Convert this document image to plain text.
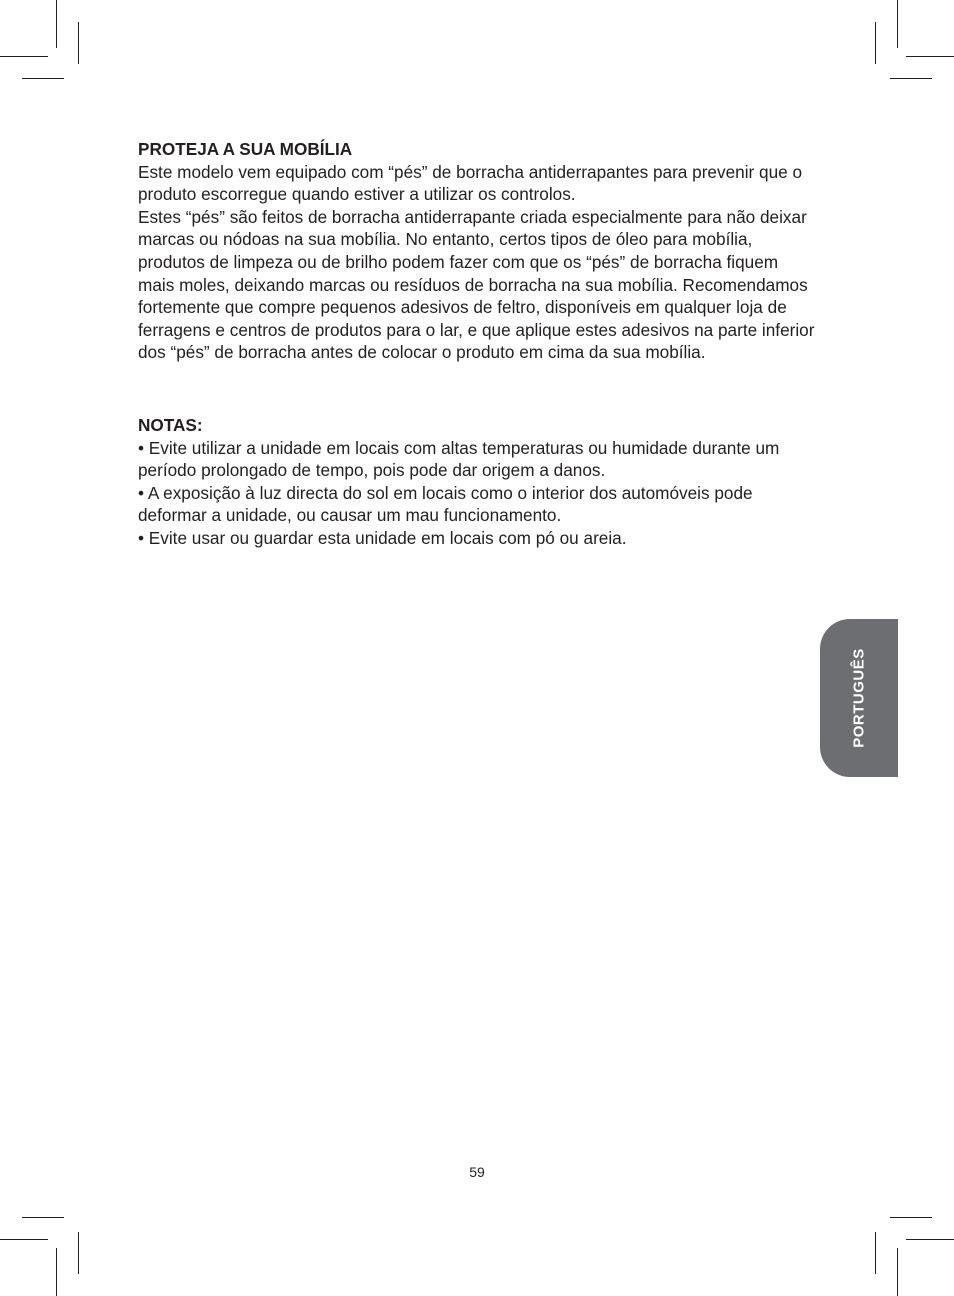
PROTEJA A SUA MOBÍLIA

Este modelo vem equipado com “pés” de borracha antiderrapantes para prevenir que o produto escorregue quando estiver a utilizar os controlos.

Estes “pés” são feitos de borracha antiderrapante criada especialmente para não deixar marcas ou nódoas na sua mobília. No entanto, certos tipos de óleo para mobília, produtos de limpeza ou de brilho podem fazer com que os “pés” de borracha fiquem mais moles, deixando marcas ou resíduos de borracha na sua mobília. Recomendamos fortemente que compre pequenos adesivos de feltro, disponíveis em qualquer loja de ferragens e centros de produtos para o lar, e que aplique estes adesivos na parte inferior dos “pés” de borracha antes de colocar o produto em cima da sua mobília.

NOTAS:

• Evite utilizar a unidade em locais com altas temperaturas ou humidade durante um período prolongado de tempo, pois pode dar origem a danos.

• A exposição à luz directa do sol em locais como o interior dos automóveis pode deformar a unidade, ou causar um mau funcionamento.

• Evite usar ou guardar esta unidade em locais com pó ou areia.

PORTUGUÊS
59
